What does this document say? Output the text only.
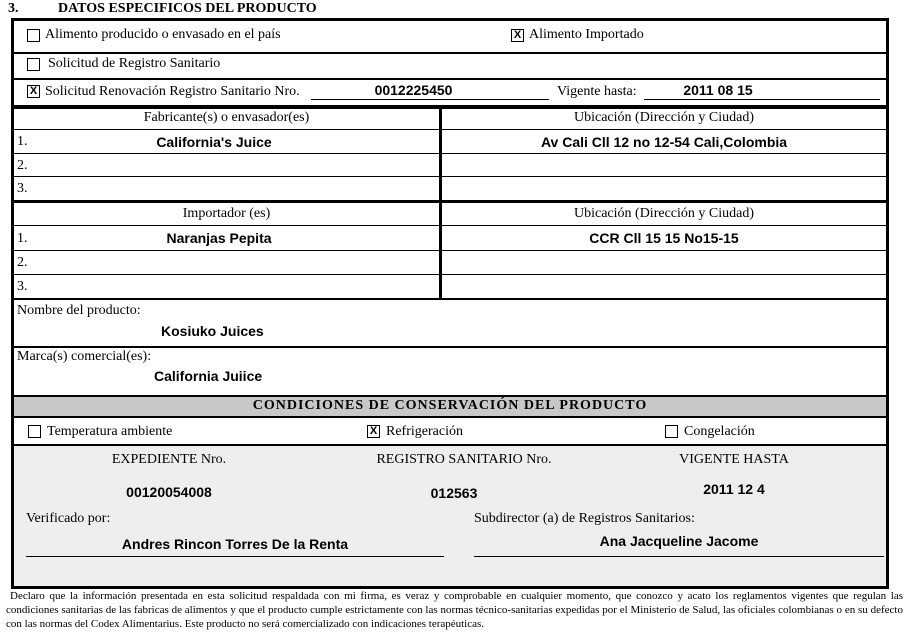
3.	DATOS ESPECIFICOS DEL PRODUCTO
Alimento producido o envasado en el país	X Alimento Importado
Solicitud de Registro Sanitario
X Solicitud Renovación Registro Sanitario Nro.	0012225450	Vigente hasta:	2011 08 15
Fabricante(s) o envasador(es)	Ubicación (Dirección y Ciudad)
1.	California's Juice	Av Cali Cll 12 no 12-54 Cali,Colombia
2.
3.
Importador (es)	Ubicación (Dirección y Ciudad)
1.	Naranjas Pepita	CCR Cll 15 15 No15-15
2.
3.
Nombre del producto:
Kosiuko Juices
Marca(s) comercial(es):
California Juiice
CONDICIONES DE CONSERVACIÓN DEL PRODUCTO
Temperatura ambiente	X Refrigeración	Congelación
EXPEDIENTE Nro.	REGISTRO SANITARIO Nro.	VIGENTE HASTA
00120054008	012563	2011 12 4
Verificado por:
Andres Rincon Torres De la Renta
Subdirector (a) de Registros Sanitarios:
Ana Jacqueline Jacome
Declaro que la información presentada en esta solicitud respaldada con mi firma, es veraz y comprobable en cualquier momento, que conozco y acato los reglamentos vigentes que regulan las condiciones sanitarias de las fabricas de alimentos y que el producto cumple estrictamente con las normas técnico-sanitarias expedidas por el Ministerio de Salud, las oficiales colombianas o en su defecto con las normas del Codex Alimentarius. Este producto no será comercializado con indicaciones terapéuticas.
